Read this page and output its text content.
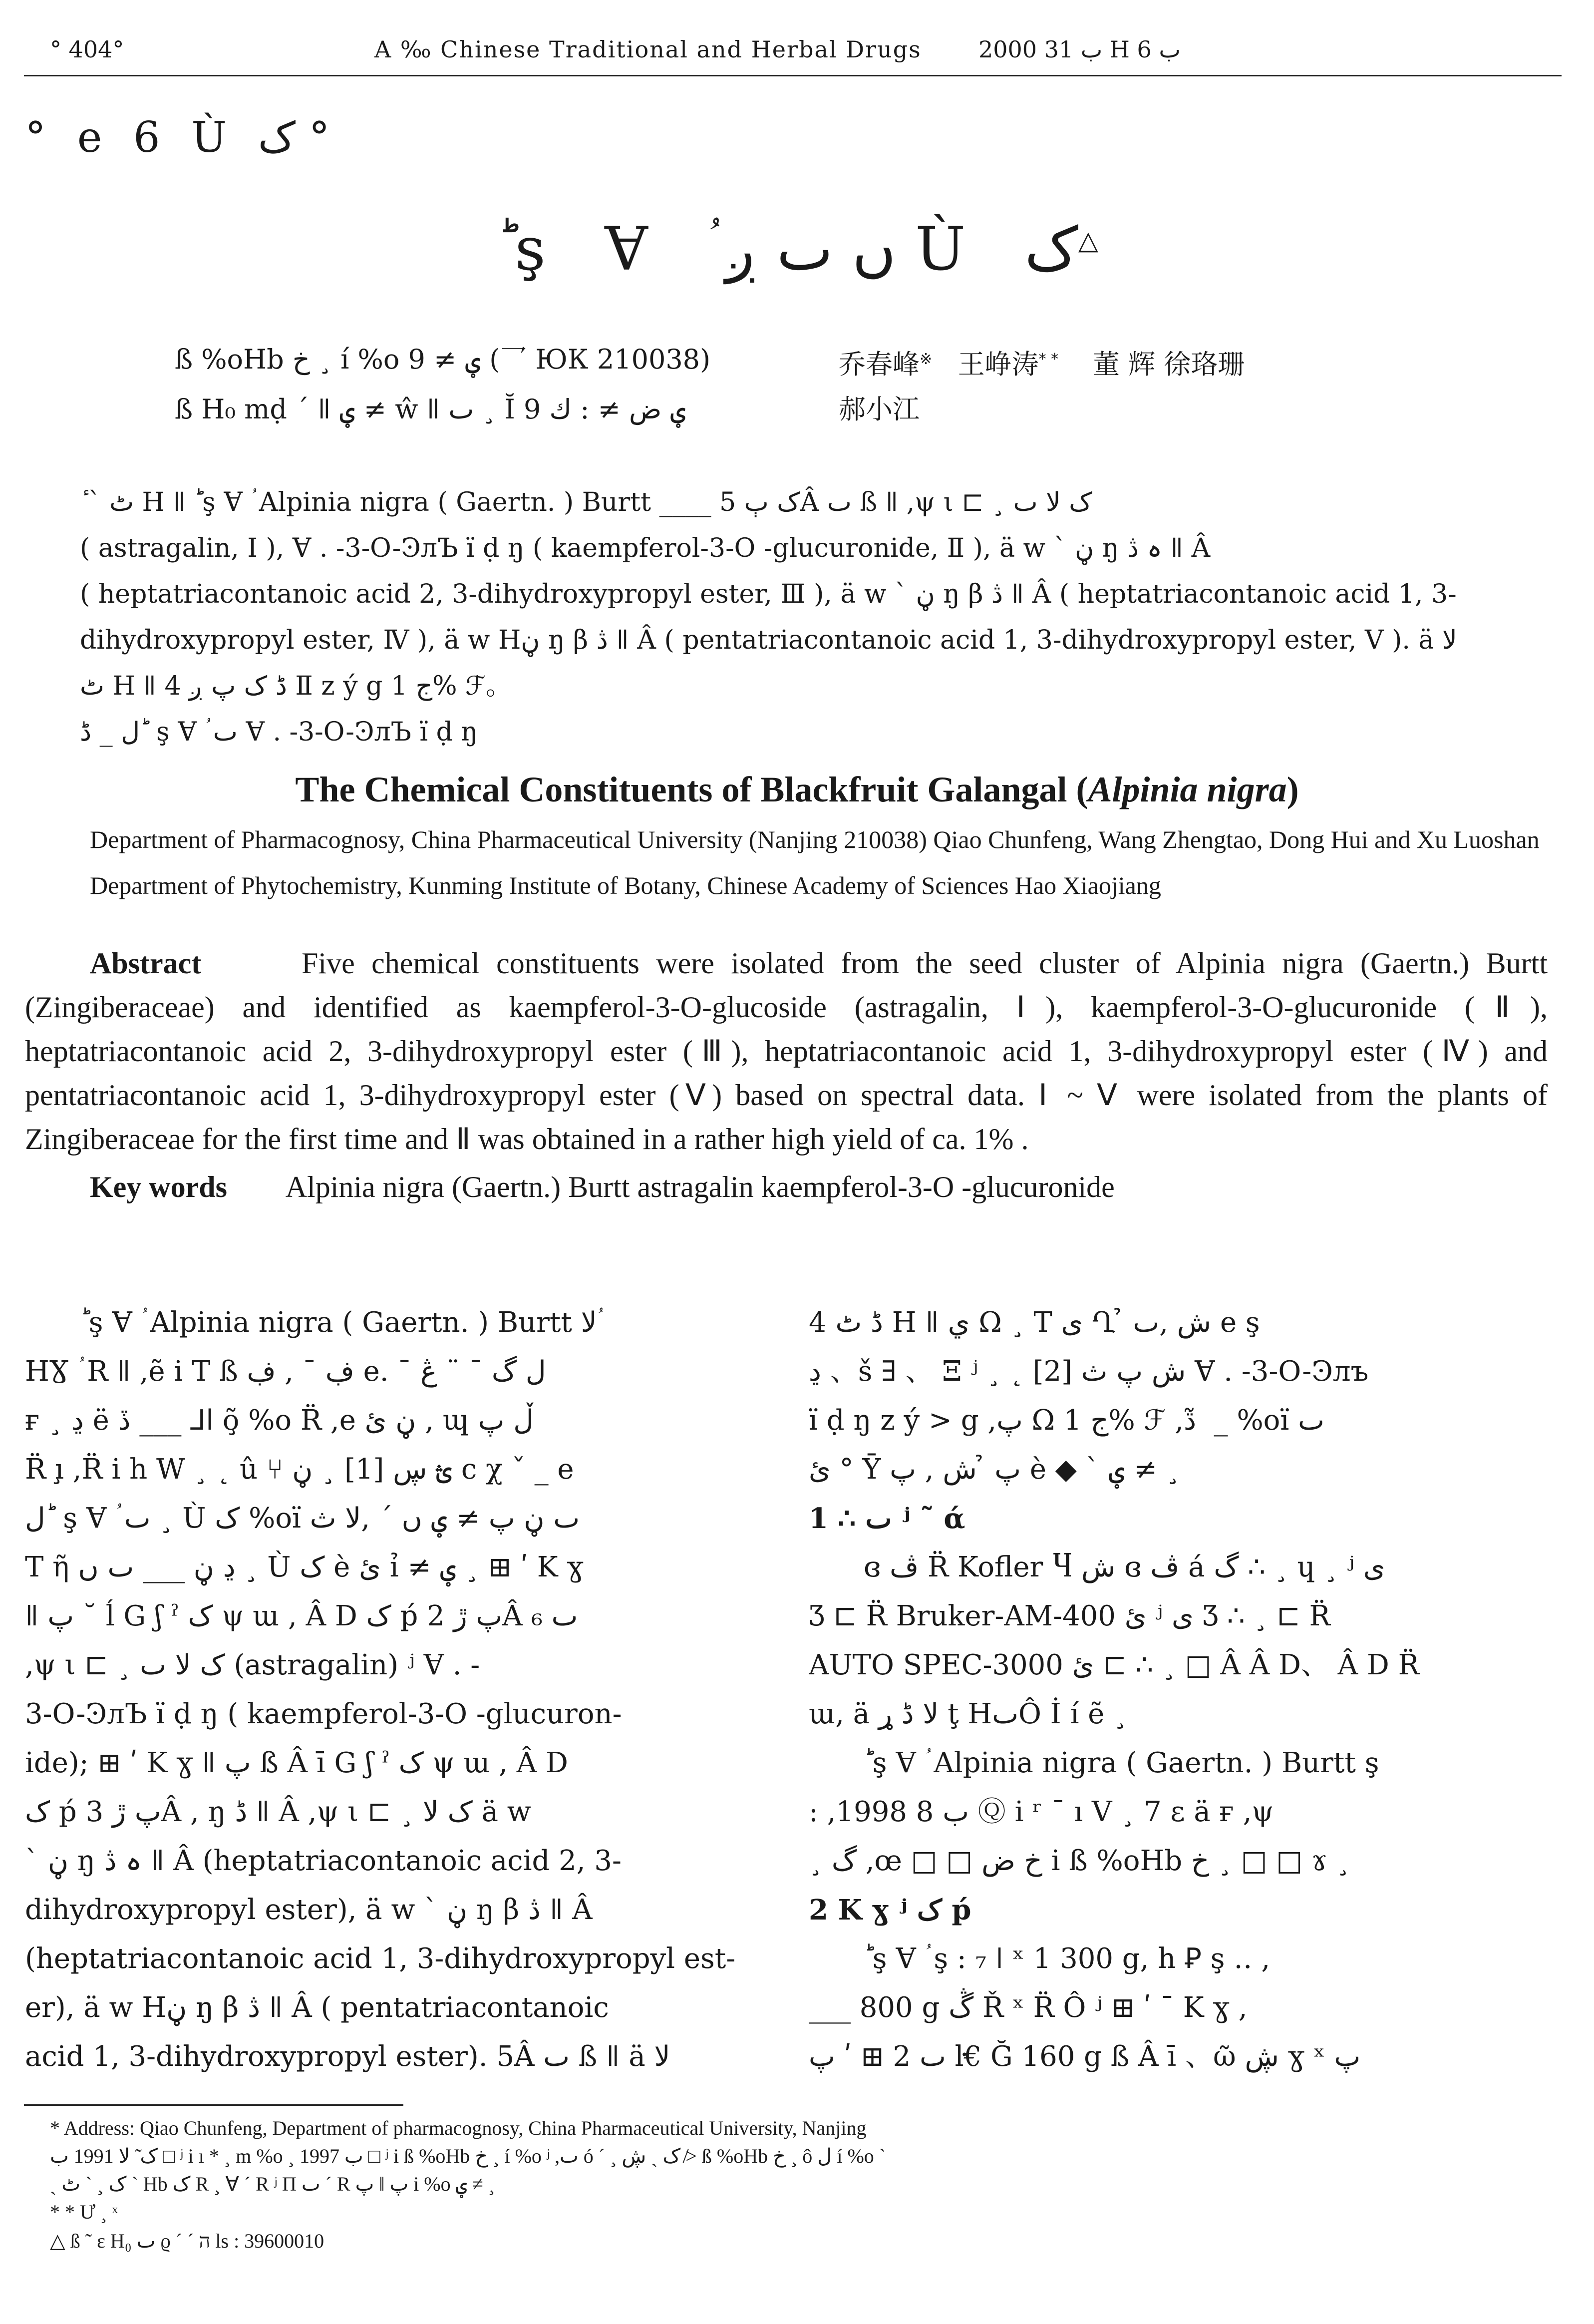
° 404°	A ‰ Chinese Traditional and Herbal Drugs 2000 ب 31 H ب 6
° e 6 Ù ک °
ؕ ş Ɐ ؙ ں ٮ ږ Ù ک△
ß %oHb خ ¸ í %o ؠ ≠ 9 (乛 ЮК 210038)	乔春峰※ 王峥涛* * 董 辉 徐珞珊
ß H₀ mḍ ´ ǁ ؠ ≠ ŵ ǁ ٮ ¸ Ĭ ؠ ض ≠ : ك 9	郝小江

ٔ ˋ ٹ H ǁ ؕ ş Ɐ ؙ Alpinia nigra ( Gaertn. ) Burtt ____ ک ٻ 5Â ٮ ß ǁ ,ψ ι ⊏ ¸ ک لا ٮ

( astragalin, Ⅰ ), Ɐ . -3-O-ϿлЪ ï ḍ ŋ ( kaempferol-3-O -glucuronide, Ⅱ ), ä w ˋ ڼ ŋ ہ ڎ ǁ Â

( heptatriacontanoic acid 2, 3-dihydroxypropyl ester, Ⅲ ), ä w ˋ ڼ ŋ β ڎ ǁ Â ( heptatriacontanoic acid 1, 3-

dihydroxypropyl ester, Ⅳ ), ä w Hڼ ŋ β ڎ ǁ Â ( pentatriacontanoic acid 1, 3-dihydroxypropyl ester, Ⅴ ). ä لا

ٹ H ǁ 4 ڈ ک پ ږ Ⅱ z ý g ج 1% ℱ。

ل _ ڈ ؕ ş Ɐ ؙ ٮ Ɐ . -3-O-ϿлЪ ï ḍ ŋ

The Chemical Constituents of Blackfruit Galangal (Alpinia nigra)

Department of Pharmacognosy, China Pharmaceutical University (Nanjing 210038) Qiao Chunfeng, Wang Zhengtao, Dong Hui and Xu Luoshan

Department of Phytochemistry, Kunming Institute of Botany, Chinese Academy of Sciences Hao Xiaojiang

Abstract	Five chemical constituents were isolated from the seed cluster of Alpinia nigra (Gaertn.) Burtt (Zingiberaceae) and identified as kaempferol-3-O-glucoside (astragalin, Ⅰ), kaempferol-3-O-glucuronide (Ⅱ), heptatriacontanoic acid 2, 3-dihydroxypropyl ester (Ⅲ), heptatriacontanoic acid 1, 3-dihydroxypropyl ester (Ⅳ) and pentatriacontanoic acid 1, 3-dihydroxypropyl ester (Ⅴ) based on spectral data. Ⅰ ~ Ⅴ were isolated from the plants of Zingiberaceae for the first time and Ⅱ was obtained in a rather high yield of ca. 1% .

Key words Alpinia nigra (Gaertn.) Burtt astragalin kaempferol-3-O -glucuronide

ؕ ş Ɐ ؙ Alpinia nigra ( Gaertn. ) Burtt لا ؙ

HƔ ؙ R ǁ ,ẽ i T ß ڣ ¯ , ڣ e. ¯ ل گ ¯ ¨ ڠ

ғ ¸ ڍ ë ا⅃ ___ ڏ õ̧ %o R̈ ,e ڼ ئ , ɰ ڵ پ

R̈ ı̧ ,R̈ i h W ¸ ˛ û ⑂ ؿ ڛ [1] ¸ ڼ c χ ˇ _ e

ل ؕ ş Ɐ ؙ ٮ ¸ Ù ک %oï ٮ ڼ پ ≠ ؠ ں ˊ ,لا ث

T ῆ ڍ ڼ ___ ٮ ں ¸ Ù ک è ئ ỉ ≠ ؠ ¸ ⊞ ʹ K ɣ

ǁ پ ˘ ĺ G ʃ ˀ ک ψ ɯ , Â D ک ṕ پ ڙ 2Â ٮ ₆

,ψ ι ⊏ ¸ ک لا ٮ (astragalin) ʲ Ɐ . -

3-O-ϿлЪ ï ḍ ŋ ( kaempferol-3-O -glucuron-

ide); ⊞ ʹ K ɣ ǁ پ ß Â ī G ʃ ˀ ک ψ ɯ , Â D

ک ṕ پ ڙ 3Â , ŋ ڈ ǁ Â ,ψ ι ⊏ ¸ ک لا ä w

ˋ ڼ ŋ ہ ڎ ǁ Â (heptatriacontanoic acid 2, 3-

dihydroxypropyl ester), ä w ˋ ڼ ŋ β ڎ ǁ Â

(heptatriacontanoic acid 1, 3-dihydroxypropyl est-

er), ä w Hڼ ŋ β ڎ ǁ Â ( pentatriacontanoic

acid 1, 3-dihydroxypropyl ester). 5Â ٮ ß ǁ ä لا

4 ڈ ٹ H ǁ ي Ω ¸ T ى Ղ ̉ ش ,ٮ e ş

ڍ 、š ∃ 、 Ξ ʲ ¸ ˛ ش پ ث [2] Ɐ . -3-O-Ͽлъ

ï ḍ ŋ z ý > g ,پ Ω ج 1% ℱ ,ڎ ̃ _ %oï ٮ

ئ ° Ȳ پ ̉ ش , پ è ◆ ˋ ؠ ≠ ¸

1 ∴ ٮ ʲ ˜ ά

ɞ ڤ R̈ Kofler Ⴗ ش ɞ ڤ á گ ∴ ¸ ɥ ¸ ʲ ى

Ʒ ⊏ R̈ Bruker-AM-400 ئ ʲ ى Ʒ ∴ ¸ ⊏ R̈

AUTO SPEC-3000 ئ ⊏ ∴ ¸ □ Â Â D、 Â D R̈

ɯ, ä لا ڈ ړ ţ HٮÔ İ í ẽ ¸

ؕ ş Ɐ ؙ Alpinia nigra ( Gaertn. ) Burtt ş

: ,1998 ب 8 Ⓠ i ʳ ¯ ı V ¸ 7 ε ä ғ ,ψ

¸ گ ,œ □ □ خ ض i ß %oHb خ ¸ □ □ ɤ ¸

2 K ɣ ʲ ک ṕ

ؕ ş Ɐ ؙ ş : ₇ ǀ ˣ 1 300 g, h Ꝑ ş ‥ ,

___ 800 g ڴ Ř ˣ R̈ Ô ʲ ⊞ ʹ ˉ K ɣ ,

ٮ 2 ⊞ ʹ پ ŀ€ Ğ 160 g ß Â ī 、ῶ ڜ ɣ ˣ پ

* Address: Qiao Chunfeng, Department of pharmacognosy, China Pharmaceutical University, Nanjing
ک ̃ لا 1991 ب □ ʲ i ı * ¸ m %o ¸ 1997 ب □ ʲ i ß %oHb خ ¸ í %o ʲ ,ٮ ó ˊ ¸ ک ˎ ڜ ≯ ß %oHb خ ¸ ô ل í %o ˋ
ˏ ک ¸ ˋ ٹ ˋ Hb ک R ¸ Ɐ ˊ R ʲ Π ٮ ˊ R پ ǁ پ i %o ؠ ≠ ¸
* * Ư ¸ ˣ
△ ß ˜ ε H₀ ٮ ϱ ˊ ˊ ה ls : 39600010
